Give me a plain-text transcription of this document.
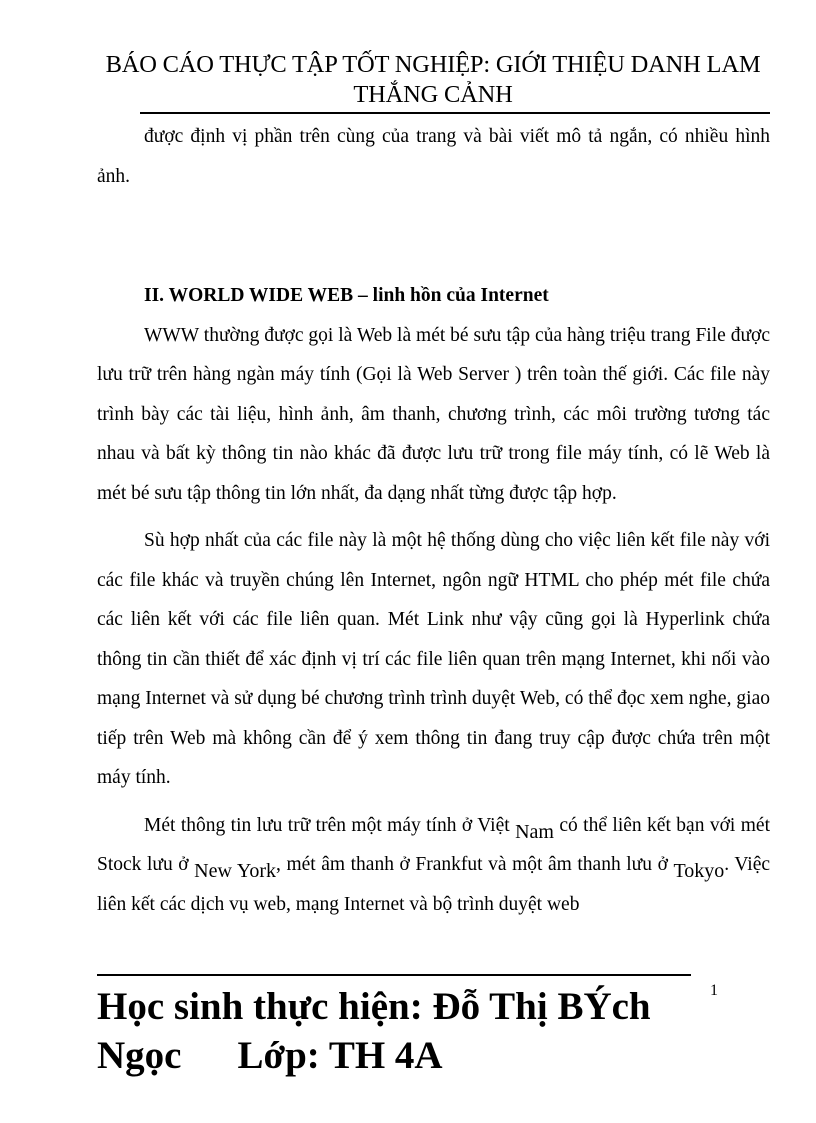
BÁO CÁO THỰC TẬP TỐT NGHIỆP: GIỚI THIỆU DANH LAM THẮNG CẢNH

được định vị phần trên cùng của trang và bài viết mô tả ngắn, có nhiều hình ảnh.

II. WORLD WIDE WEB – linh hồn của Internet

WWW thường được gọi là Web là mét bé sưu tập của hàng triệu trang File được lưu trữ trên hàng ngàn máy tính (Gọi là Web Server ) trên toàn thế giới. Các file này trình bày các tài liệu, hình ảnh, âm thanh, chương trình, các môi trường tương tác nhau và bất kỳ thông tin nào khác đã được lưu trữ trong file máy tính, có lẽ Web là mét bé sưu tập thông tin lớn nhất, đa dạng nhất từng được tập hợp.

Sù hợp nhất của các file này là một hệ thống dùng cho việc liên kết file này với các file khác và truyền chúng lên Internet, ngôn ngữ HTML cho phép mét file chứa các liên kết với các file liên quan. Mét Link như vậy cũng gọi là Hyperlink chứa thông tin cần thiết để xác định vị trí các file liên quan trên mạng Internet, khi nối vào mạng Internet và sử dụng bé chương trình trình duyệt Web, có thể đọc xem nghe, giao tiếp trên Web mà không cần để ý xem thông tin đang truy cập được chứa trên một máy tính.

Mét thông tin lưu trữ trên một máy tính ở Việt Nam có thể liên kết bạn với mét Stock lưu ở New York, mét âm thanh ở Frankfut và một âm thanh lưu ở Tokyo. Việc liên kết các dịch vụ web, mạng Internet và bộ trình duyệt web

1
Học sinh thực hiện: Đỗ Thị BÝch Ngọc Lớp: TH 4A
